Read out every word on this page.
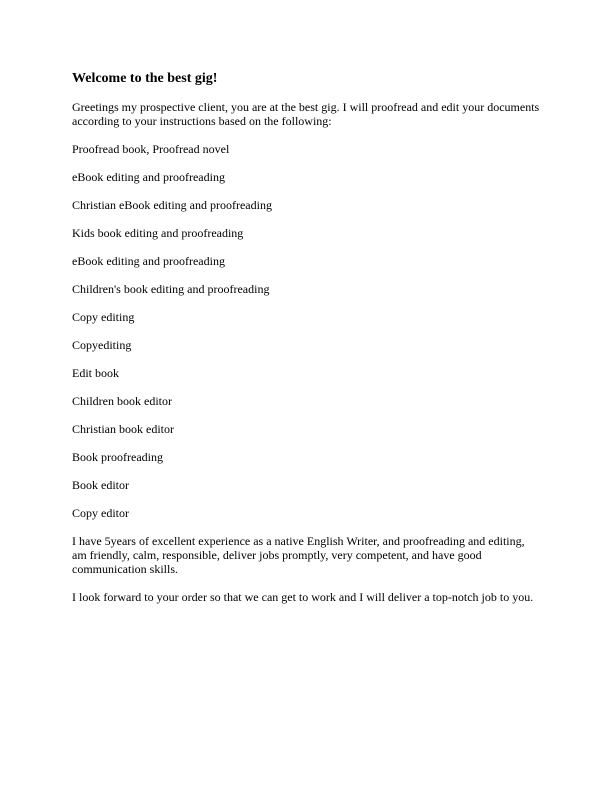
Welcome to the best gig!

Greetings my prospective client, you are at the best gig. I will proofread and edit your documents
according to your instructions based on the following:

Proofread book, Proofread novel
eBook editing and proofreading
Christian eBook editing and proofreading
Kids book editing and proofreading
eBook editing and proofreading
Children's book editing and proofreading
Copy editing
Copyediting
Edit book
Children book editor
Christian book editor
Book proofreading
Book editor
Copy editor

I have 5years of excellent experience as a native English Writer, and proofreading and editing,
am friendly, calm, responsible, deliver jobs promptly, very competent, and have good
communication skills.

I look forward to your order so that we can get to work and I will deliver a top-notch job to you.
